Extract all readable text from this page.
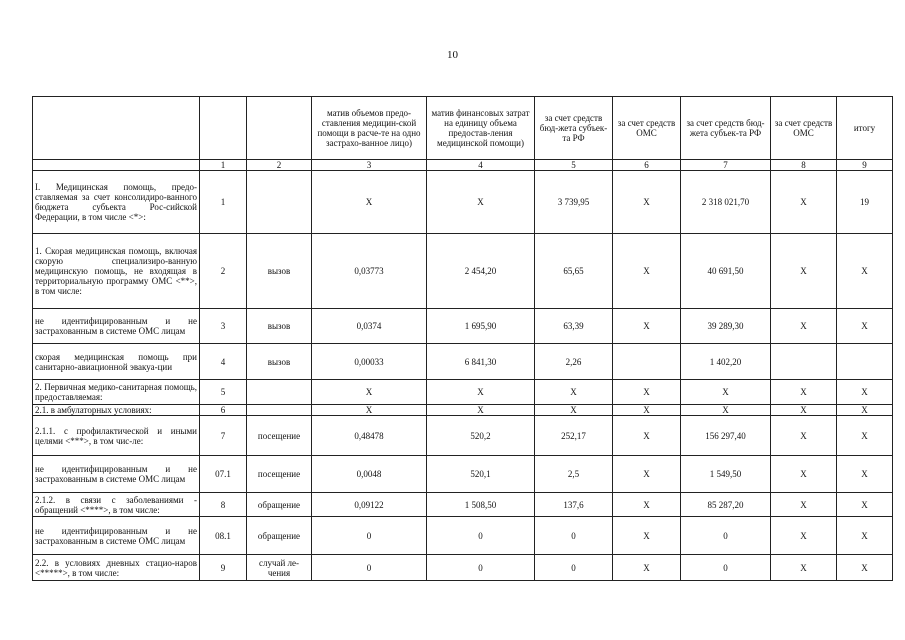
10
			матив объемов предо-ставления медицин-ской помощи в расче-те на одно застрахо-ванное лицо)	матив финансовых затрат на единицу объема предостав-ления медицинской помощи)	за счет средств бюд-жета субъек-та РФ	за счет средств ОМС	за счет средств бюд-жета субъек-та РФ	за счет средств ОМС	итогу
	1	2	3	4	5	6	7	8	9
I. Медицинская помощь, предо-ставляемая за счет консолидиро-ванного бюджета субъекта Рос-сийской Федерации, в том числе <*>:	1		Х	Х	3 739,95	Х	2 318 021,70	Х	19
1. Скорая медицинская помощь, включая скорую специализиро-ванную медицинскую помощь, не входящая в территориальную программу ОМС <**>, в том числе:	2	вызов	0,03773	2 454,20	65,65	Х	40 691,50	Х	Х
не идентифицированным и не застрахованным в системе ОМС лицам	3	вызов	0,0374	1 695,90	63,39	Х	39 289,30	Х	Х
скорая медицинская помощь при санитарно-авиационной эвакуа-ции	4	вызов	0,00033	6 841,30	2,26		1 402,20		
2. Первичная медико-санитарная помощь, предоставляемая:	5		Х	Х	Х	Х	Х	Х	Х
2.1. в амбулаторных условиях:	6		Х	Х	Х	Х	Х	Х	Х
2.1.1. с профилактической и иными целями <***>, в том чис-ле:	7	посещение	0,48478	520,2	252,17	Х	156 297,40	Х	Х
не идентифицированным и не застрахованным в системе ОМС лицам	07.1	посещение	0,0048	520,1	2,5	Х	1 549,50	Х	Х
2.1.2. в связи с заболеваниями - обращений <****>, в том числе:	8	обращение	0,09122	1 508,50	137,6	Х	85 287,20	Х	Х
не идентифицированным и не застрахованным в системе ОМС лицам	08.1	обращение	0	0	0	Х	0	Х	Х
2.2. в условиях дневных стацио-наров <*****>, в том числе:	9	случай ле-чения	0	0	0	Х	0	Х	Х
